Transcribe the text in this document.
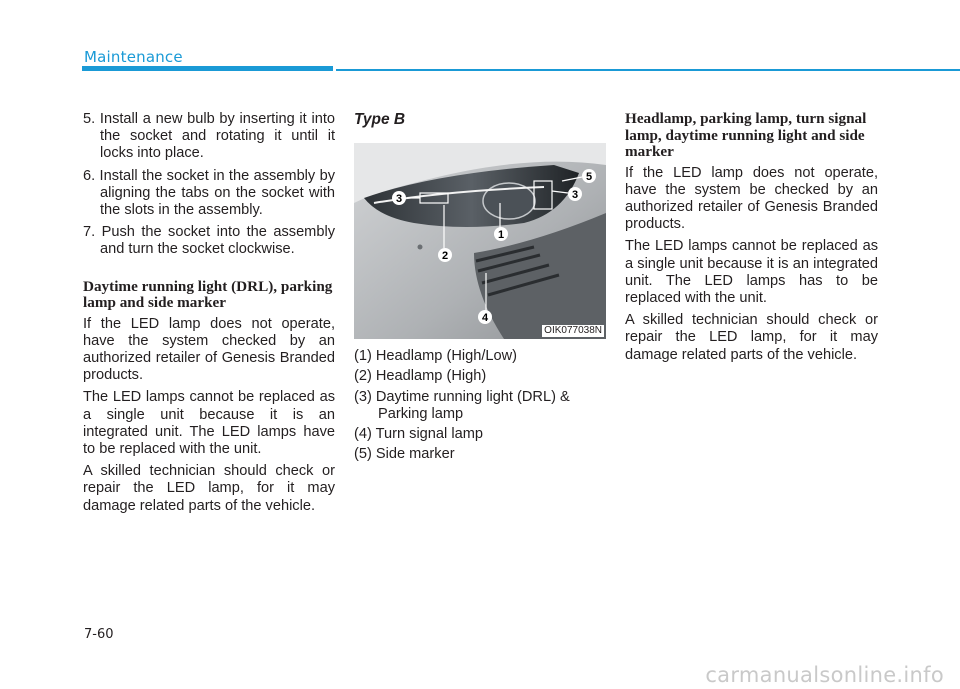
Maintenance

5. Install a new bulb by inserting it into the socket and rotating it until it locks into place.

6. Install the socket in the assembly by aligning the tabs on the socket with the slots in the assembly.

7. Push the socket into the assembly and turn the socket clockwise.

Daytime running light (DRL), parking lamp and side marker

If the LED lamp does not operate, have the system checked by an authorized retailer of Genesis Branded products.

The LED lamps cannot be replaced as a single unit because it is an integrated unit. The LED lamps have to be replaced with the unit.

A skilled technician should check or repair the LED lamp, for it may damage related parts of the vehicle.

Type B
1
2
3	3
4
5
OIK077038N

(1) Headlamp (High/Low)

(2) Headlamp (High)

(3) Daytime running light (DRL) & Parking lamp

(4) Turn signal lamp

(5) Side marker

Headlamp, parking lamp, turn signal lamp, daytime running light and side marker

If the LED lamp does not operate, have the system be checked by an authorized retailer of Genesis Branded products.

The LED lamps cannot be replaced as a single unit because it is an integrated unit. The LED lamps has to be replaced with the unit.

A skilled technician should check or repair the LED lamp, for it may damage related parts of the vehicle.

7-60
carmanualsonline.info
